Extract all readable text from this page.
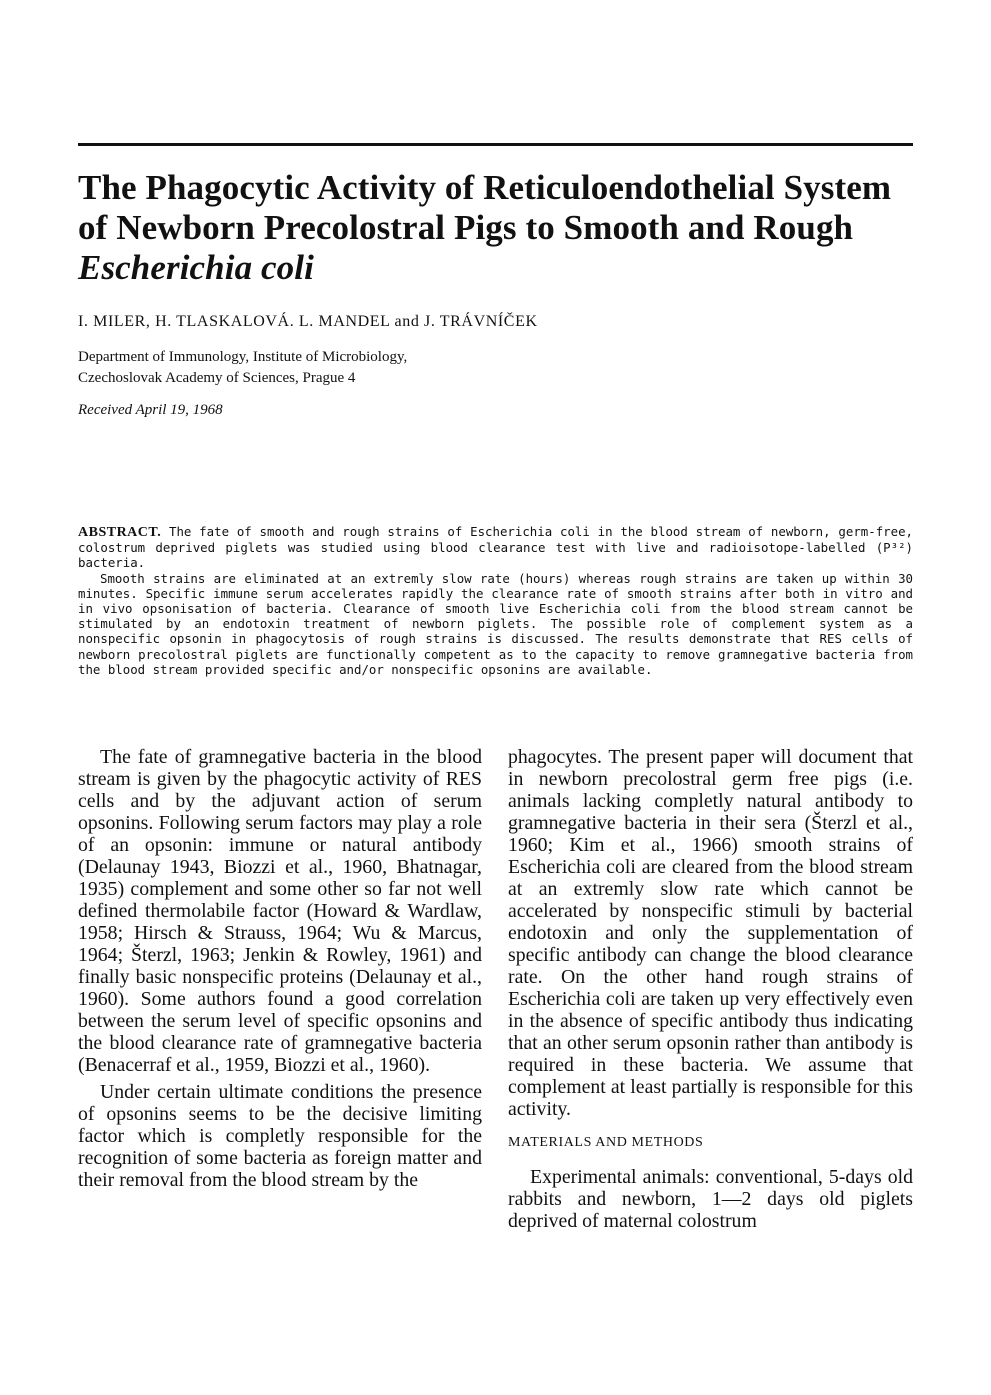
The Phagocytic Activity of Reticuloendothelial System
of Newborn Precolostral Pigs to Smooth and Rough
Escherichia coli

I. MILER, H. TLASKALOVÁ. L. MANDEL and J. TRÁVNÍČEK

Department of Immunology, Institute of Microbiology,
Czechoslovak Academy of Sciences, Prague 4

Received April 19, 1968

ABSTRACT. The fate of smooth and rough strains of Escherichia coli in the blood stream of newborn, germ-free, colostrum deprived piglets was studied using blood clearance test with live and radioisotope-labelled (P³²) bacteria.

Smooth strains are eliminated at an extremly slow rate (hours) whereas rough strains are taken up within 30 minutes. Specific immune serum accelerates rapidly the clearance rate of smooth strains after both in vitro and in vivo opsonisation of bacteria. Clearance of smooth live Escherichia coli from the blood stream cannot be stimulated by an endotoxin treatment of newborn piglets. The possible role of complement system as a nonspecific opsonin in phagocytosis of rough strains is discussed. The results demonstrate that RES cells of newborn precolostral piglets are functionally competent as to the capacity to remove gramnegative bacteria from the blood stream provided specific and/or nonspecific opsonins are available.

The fate of gramnegative bacteria in the blood stream is given by the phagocytic activity of RES cells and by the adjuvant action of serum opsonins. Following serum factors may play a role of an opsonin: immune or natural antibody (Delaunay 1943, Biozzi et al., 1960, Bhatnagar, 1935) complement and some other so far not well defined thermolabile factor (Howard & Wardlaw, 1958; Hirsch & Strauss, 1964; Wu & Marcus, 1964; Šterzl, 1963; Jenkin & Rowley, 1961) and finally basic nonspecific proteins (Delaunay et al., 1960). Some authors found a good correlation between the serum level of specific opsonins and the blood clearance rate of gramnegative bacteria (Benacerraf et al., 1959, Biozzi et al., 1960).

Under certain ultimate conditions the presence of opsonins seems to be the decisive limiting factor which is completly responsible for the recognition of some bacteria as foreign matter and their removal from the blood stream by the

phagocytes. The present paper will document that in newborn precolostral germ free pigs (i.e. animals lacking completly natural antibody to gramnegative bacteria in their sera (Šterzl et al., 1960; Kim et al., 1966) smooth strains of Escherichia coli are cleared from the blood stream at an extremly slow rate which cannot be accelerated by nonspecific stimuli by bacterial endotoxin and only the supplementation of specific antibody can change the blood clearance rate. On the other hand rough strains of Escherichia coli are taken up very effectively even in the absence of specific antibody thus indicating that an other serum opsonin rather than antibody is required in these bacteria. We assume that complement at least partially is responsible for this activity.

MATERIALS AND METHODS

Experimental animals: conventional, 5-days old rabbits and newborn, 1—2 days old piglets deprived of maternal colostrum
